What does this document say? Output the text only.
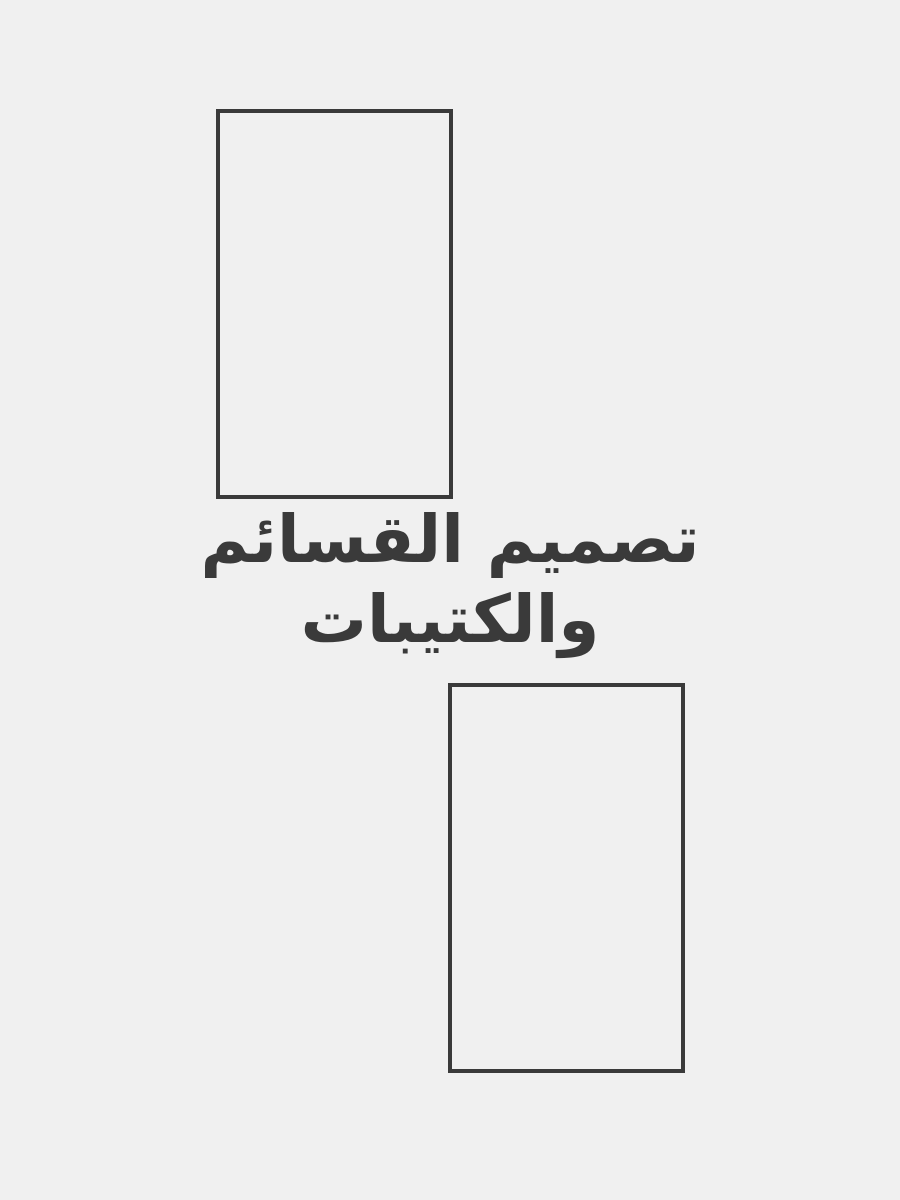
تصميم القسائم
والكتيبات
